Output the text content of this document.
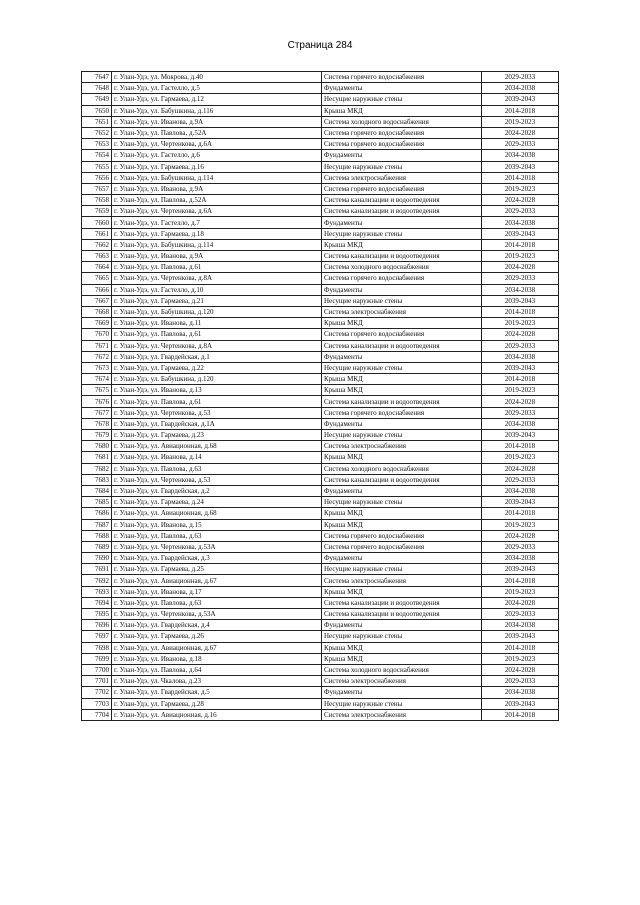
Страница 284
7647	г. Улан-Удэ, ул. Мокрова, д.40	Система горячего водоснабжения	2029-2033
7648	г. Улан-Удэ, ул. Гастелло, д.5	Фундаменты	2034-2038
7649	г. Улан-Удэ, ул. Гармаева, д.12	Несущие наружные стены	2039-2043
7650	г. Улан-Удэ, ул. Бабушкина, д.116	Крыша МКД	2014-2018
7651	г. Улан-Удэ, ул. Иванова, д.9А	Система холодного водоснабжения	2019-2023
7652	г. Улан-Удэ, ул. Павлова, д.52А	Система горячего водоснабжения	2024-2028
7653	г. Улан-Удэ, ул. Чертенкова, д.6А	Система горячего водоснабжения	2029-2033
7654	г. Улан-Удэ, ул. Гастелло, д.6	Фундаменты	2034-2038
7655	г. Улан-Удэ, ул. Гармаева, д.16	Несущие наружные стены	2039-2043
7656	г. Улан-Удэ, ул. Бабушкина, д.114	Система электроснабжения	2014-2018
7657	г. Улан-Удэ, ул. Иванова, д.9А	Система горячего водоснабжения	2019-2023
7658	г. Улан-Удэ, ул. Павлова, д.52А	Система канализации и водоотведения	2024-2028
7659	г. Улан-Удэ, ул. Чертенкова, д.6А	Система канализации и водоотведения	2029-2033
7660	г. Улан-Удэ, ул. Гастелло, д.7	Фундаменты	2034-2038
7661	г. Улан-Удэ, ул. Гармаева, д.18	Несущие наружные стены	2039-2043
7662	г. Улан-Удэ, ул. Бабушкина, д.114	Крыша МКД	2014-2018
7663	г. Улан-Удэ, ул. Иванова, д.9А	Система канализации и водоотведения	2019-2023
7664	г. Улан-Удэ, ул. Павлова, д.61	Система холодного водоснабжения	2024-2028
7665	г. Улан-Удэ, ул. Чертенкова, д.8А	Система горячего водоснабжения	2029-2033
7666	г. Улан-Удэ, ул. Гастелло, д.10	Фундаменты	2034-2038
7667	г. Улан-Удэ, ул. Гармаева, д.21	Несущие наружные стены	2039-2043
7668	г. Улан-Удэ, ул. Бабушкина, д.120	Система электроснабжения	2014-2018
7669	г. Улан-Удэ, ул. Иванова, д.11	Крыша МКД	2019-2023
7670	г. Улан-Удэ, ул. Павлова, д.61	Система горячего водоснабжения	2024-2028
7671	г. Улан-Удэ, ул. Чертенкова, д.8А	Система канализации и водоотведения	2029-2033
7672	г. Улан-Удэ, ул. Гвардейская, д.1	Фундаменты	2034-2038
7673	г. Улан-Удэ, ул. Гармаева, д.22	Несущие наружные стены	2039-2043
7674	г. Улан-Удэ, ул. Бабушкина, д.120	Крыша МКД	2014-2018
7675	г. Улан-Удэ, ул. Иванова, д.13	Крыша МКД	2019-2023
7676	г. Улан-Удэ, ул. Павлова, д.61	Система канализации и водоотведения	2024-2028
7677	г. Улан-Удэ, ул. Чертенкова, д.53	Система горячего водоснабжения	2029-2033
7678	г. Улан-Удэ, ул. Гвардейская, д.1А	Фундаменты	2034-2038
7679	г. Улан-Удэ, ул. Гармаева, д.23	Несущие наружные стены	2039-2043
7680	г. Улан-Удэ, ул. Авиационная, д.68	Система электроснабжения	2014-2018
7681	г. Улан-Удэ, ул. Иванова, д.14	Крыша МКД	2019-2023
7682	г. Улан-Удэ, ул. Павлова, д.63	Система холодного водоснабжения	2024-2028
7683	г. Улан-Удэ, ул. Чертенкова, д.53	Система канализации и водоотведения	2029-2033
7684	г. Улан-Удэ, ул. Гвардейская, д.2	Фундаменты	2034-2038
7685	г. Улан-Удэ, ул. Гармаева, д.24	Несущие наружные стены	2039-2043
7686	г. Улан-Удэ, ул. Авиационная, д.68	Крыша МКД	2014-2018
7687	г. Улан-Удэ, ул. Иванова, д.15	Крыша МКД	2019-2023
7688	г. Улан-Удэ, ул. Павлова, д.63	Система горячего водоснабжения	2024-2028
7689	г. Улан-Удэ, ул. Чертенкова, д.53А	Система горячего водоснабжения	2029-2033
7690	г. Улан-Удэ, ул. Гвардейская, д.3	Фундаменты	2034-2038
7691	г. Улан-Удэ, ул. Гармаева, д.25	Несущие наружные стены	2039-2043
7692	г. Улан-Удэ, ул. Авиационная, д.67	Система электроснабжения	2014-2018
7693	г. Улан-Удэ, ул. Иванова, д.17	Крыша МКД	2019-2023
7694	г. Улан-Удэ, ул. Павлова, д.63	Система канализации и водоотведения	2024-2028
7695	г. Улан-Удэ, ул. Чертенкова, д.53А	Система канализации и водоотведения	2029-2033
7696	г. Улан-Удэ, ул. Гвардейская, д.4	Фундаменты	2034-2038
7697	г. Улан-Удэ, ул. Гармаева, д.26	Несущие наружные стены	2039-2043
7698	г. Улан-Удэ, ул. Авиационная, д.67	Крыша МКД	2014-2018
7699	г. Улан-Удэ, ул. Иванова, д.18	Крыша МКД	2019-2023
7700	г. Улан-Удэ, ул. Павлова, д.64	Система холодного водоснабжения	2024-2028
7701	г. Улан-Удэ, ул. Чкалова, д.23	Система электроснабжения	2029-2033
7702	г. Улан-Удэ, ул. Гвардейская, д.5	Фундаменты	2034-2038
7703	г. Улан-Удэ, ул. Гармаева, д.28	Несущие наружные стены	2039-2043
7704	г. Улан-Удэ, ул. Авиационная, д.16	Система электроснабжения	2014-2018
